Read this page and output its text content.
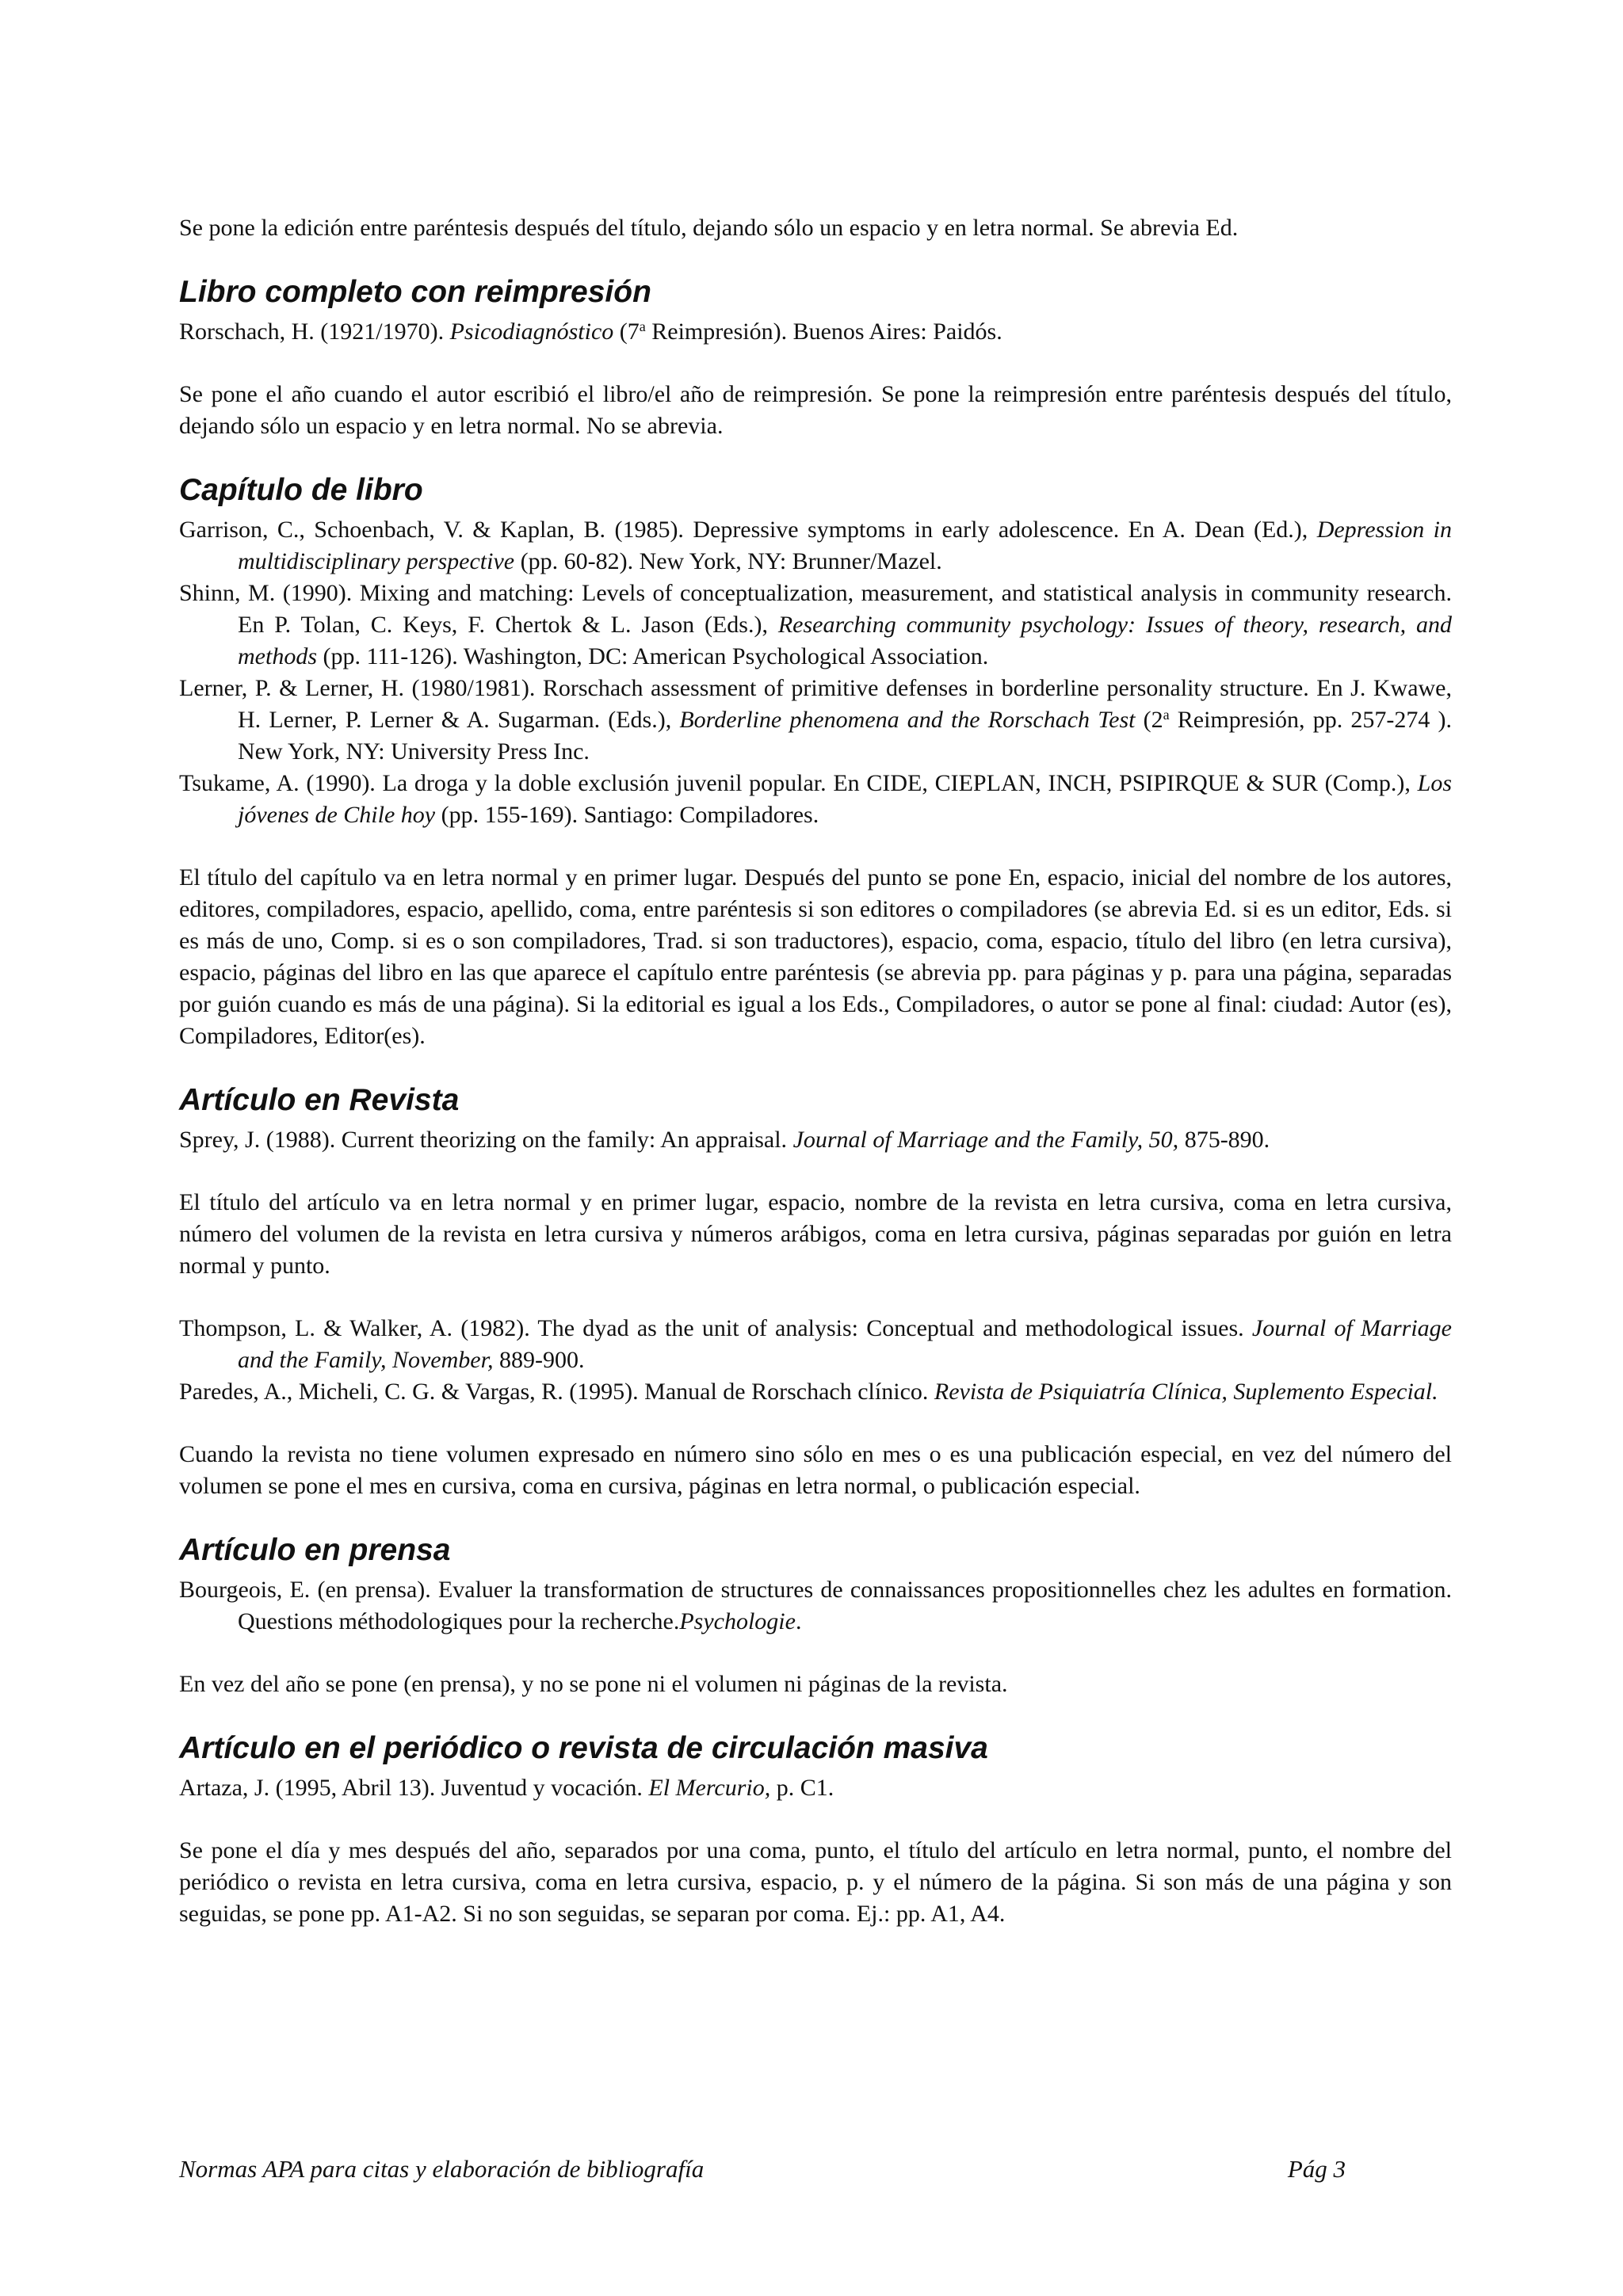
Se pone la edición entre paréntesis después del título, dejando sólo un espacio y en letra normal. Se abrevia Ed.

Libro completo con reimpresión

Rorschach, H. (1921/1970). Psicodiagnóstico (7$^a$ Reimpresión). Buenos Aires: Paidós.

Se pone el año cuando el autor escribió el libro/el año de reimpresión. Se pone la reimpresión entre paréntesis después del título, dejando sólo un espacio y en letra normal. No se abrevia.

Capítulo de libro

Garrison, C., Schoenbach, V. & Kaplan, B. (1985). Depressive symptoms in early adolescence. En A. Dean (Ed.), Depression in multidisciplinary perspective (pp. 60-82). New York, NY: Brunner/Mazel.

Shinn, M. (1990). Mixing and matching: Levels of conceptualization, measurement, and statistical analysis in community research. En P. Tolan, C. Keys, F. Chertok & L. Jason (Eds.), Researching community psychology: Issues of theory, research, and methods (pp. 111-126). Washington, DC: American Psychological Association.

Lerner, P. & Lerner, H. (1980/1981). Rorschach assessment of primitive defenses in borderline personality structure. En J. Kwawe, H. Lerner, P. Lerner & A. Sugarman. (Eds.), Borderline phenomena and the Rorschach Test (2$^a$ Reimpresión, pp. 257-274 ). New York, NY: University Press Inc.

Tsukame, A. (1990). La droga y la doble exclusión juvenil popular. En CIDE, CIEPLAN, INCH, PSIPIRQUE & SUR (Comp.), Los jóvenes de Chile hoy (pp. 155-169). Santiago: Compiladores.

El título del capítulo va en letra normal y en primer lugar. Después del punto se pone En, espacio, inicial del nombre de los autores, editores, compiladores, espacio, apellido, coma, entre paréntesis si son editores o compiladores (se abrevia Ed. si es un editor, Eds. si es más de uno, Comp. si es o son compiladores, Trad. si son traductores), espacio, coma, espacio, título del libro (en letra cursiva), espacio, páginas del libro en las que aparece el capítulo entre paréntesis (se abrevia pp. para páginas y p. para una página, separadas por guión cuando es más de una página). Si la editorial es igual a los Eds., Compiladores, o autor se pone al final: ciudad: Autor (es), Compiladores, Editor(es).

Artículo en Revista

Sprey, J. (1988). Current theorizing on the family: An appraisal. Journal of Marriage and the Family, 50, 875-890.

El título del artículo va en letra normal y en primer lugar, espacio, nombre de la revista en letra cursiva, coma en letra cursiva, número del volumen de la revista en letra cursiva y números arábigos, coma en letra cursiva, páginas separadas por guión en letra normal y punto.

Thompson, L. & Walker, A. (1982). The dyad as the unit of analysis: Conceptual and methodological issues. Journal of Marriage and the Family, November, 889-900.

Paredes, A., Micheli, C. G. & Vargas, R. (1995). Manual de Rorschach clínico. Revista de Psiquiatría Clínica, Suplemento Especial.

Cuando la revista no tiene volumen expresado en número sino sólo en mes o es una publicación especial, en vez del número del volumen se pone el mes en cursiva, coma en cursiva, páginas en letra normal, o publicación especial.

Artículo en prensa

Bourgeois, E. (en prensa). Evaluer la transformation de structures de connaissances propositionnelles chez les adultes en formation. Questions méthodologiques pour la recherche.Psychologie.

En vez del año se pone (en prensa), y no se pone ni el volumen ni páginas de la revista.

Artículo en el periódico o revista de circulación masiva

Artaza, J. (1995, Abril 13). Juventud y vocación. El Mercurio, p. C1.

Se pone el día y mes después del año, separados por una coma, punto, el título del artículo en letra normal, punto, el nombre del periódico o revista en letra cursiva, coma en letra cursiva, espacio, p. y el número de la página. Si son más de una página y son seguidas, se pone pp. A1-A2. Si no son seguidas, se separan por coma. Ej.: pp. A1, A4.

Normas APA para citas y elaboración de bibliografía	Pág 3
